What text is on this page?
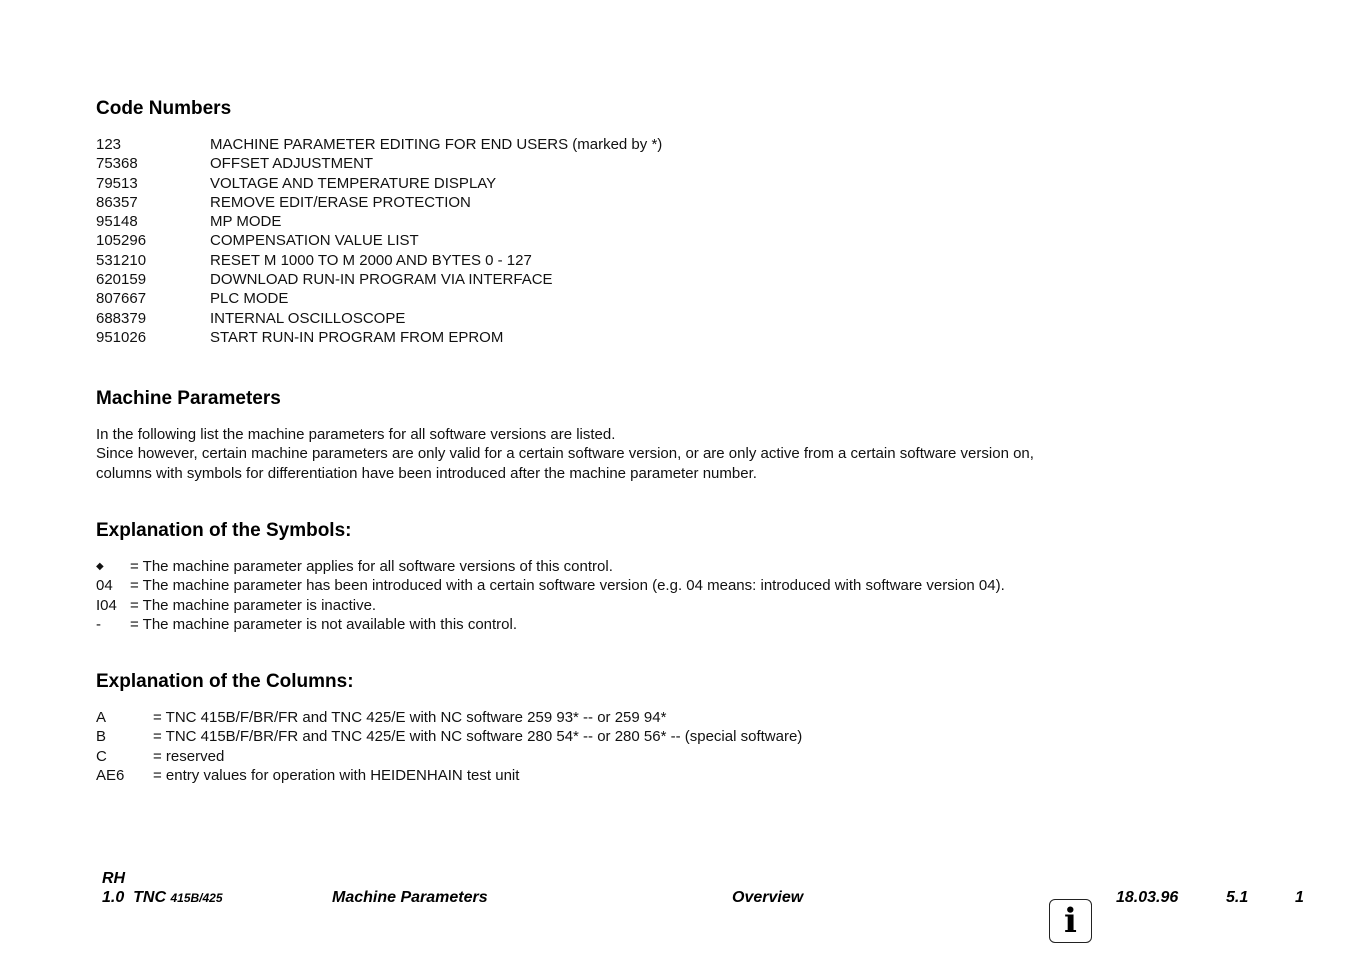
Code Numbers
123	MACHINE PARAMETER EDITING FOR END USERS (marked by *)
75368	OFFSET ADJUSTMENT
79513	VOLTAGE AND TEMPERATURE DISPLAY
86357	REMOVE EDIT/ERASE PROTECTION
95148	MP MODE
105296	COMPENSATION VALUE LIST
531210	RESET M 1000 TO M 2000 AND BYTES 0 - 127
620159	DOWNLOAD RUN-IN PROGRAM VIA INTERFACE
807667	PLC MODE
688379	INTERNAL OSCILLOSCOPE
951026	START RUN-IN PROGRAM FROM EPROM
Machine Parameters
In the following list the machine parameters for all software versions are listed.
Since however, certain machine parameters are only valid for a certain software version, or are only active from a certain software version on,
columns with symbols for differentiation have been introduced after the machine parameter number.
Explanation of the Symbols:
◆ = The machine parameter applies for all software versions of this control.
04 = The machine parameter has been introduced with a certain software version (e.g. 04 means: introduced with software version 04).
I04 = The machine parameter is inactive.
- = The machine parameter is not available with this control.
Explanation of the Columns:
A	= TNC 415B/F/BR/FR and TNC 425/E with NC software 259 93* -- or 259 94*
B	= TNC 415B/F/BR/FR and TNC 425/E with NC software 280 54* -- or 280 56* -- (special software)
C	= reserved
AE6 = entry values for operation with HEIDENHAIN test unit
RH
1.0 TNC 415B/425	Machine Parameters	Overview
i
18.03.96	5.1	1
